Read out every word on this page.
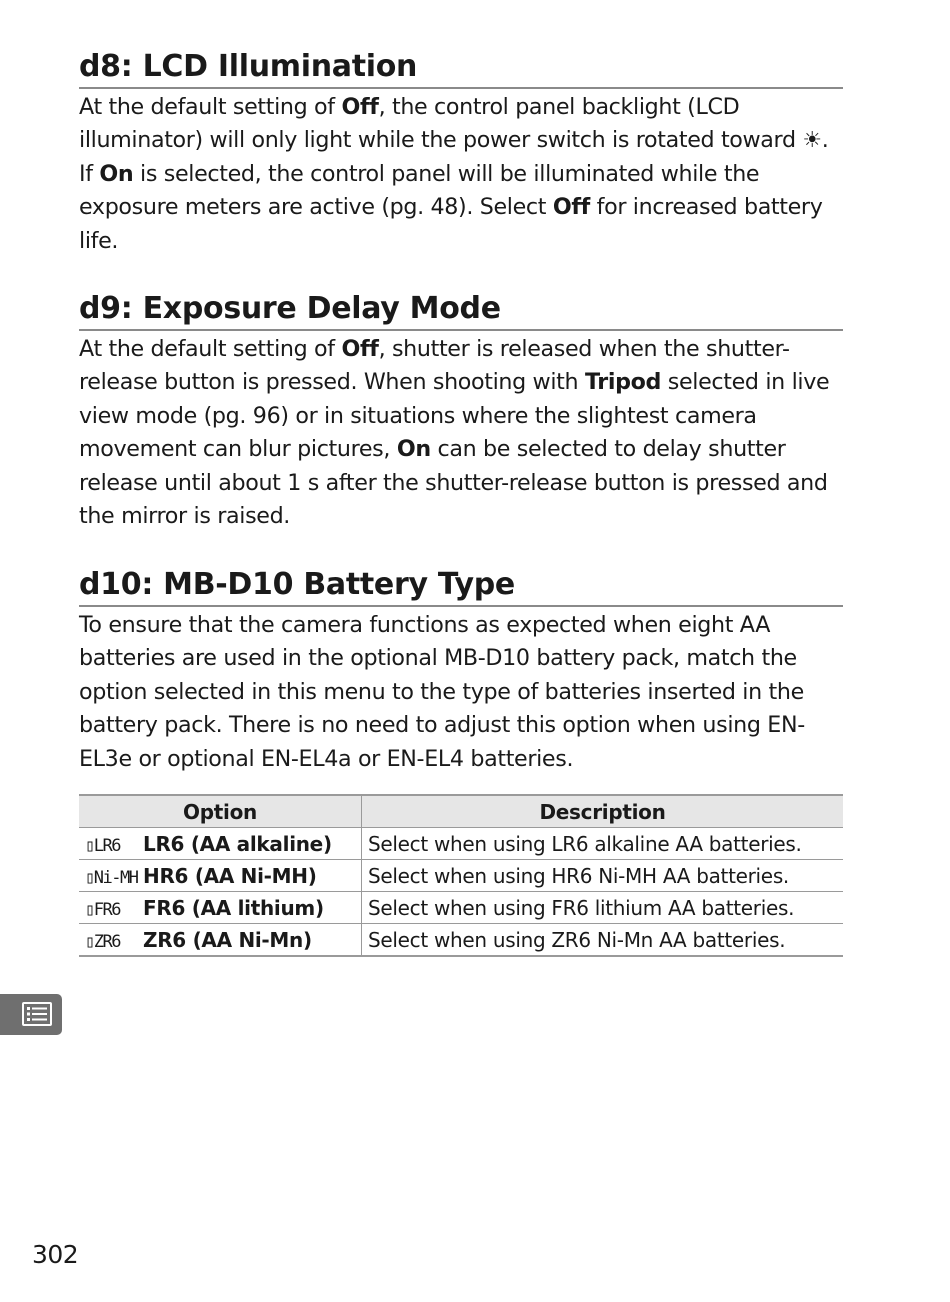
d8: LCD Illumination

At the default setting of Off, the control panel backlight (LCD illuminator) will only light while the power switch is rotated toward ☀. If On is selected, the control panel will be illuminated while the exposure meters are active (pg. 48). Select Off for increased battery life.

d9: Exposure Delay Mode

At the default setting of Off, shutter is released when the shutter-release button is pressed. When shooting with Tripod selected in live view mode (pg. 96) or in situations where the slightest camera movement can blur pictures, On can be selected to delay shutter release until about 1 s after the shutter-release button is pressed and the mirror is raised.

d10: MB-D10 Battery Type

To ensure that the camera functions as expected when eight AA batteries are used in the optional MB-D10 battery pack, match the option selected in this menu to the type of batteries inserted in the battery pack. There is no need to adjust this option when using EN-EL3e or optional EN-EL4a or EN-EL4 batteries.

Option	Description
▯LR6 LR6 (AA alkaline)	Select when using LR6 alkaline AA batteries.
▯Ni-MH HR6 (AA Ni-MH)	Select when using HR6 Ni-MH AA batteries.
▯FR6 FR6 (AA lithium)	Select when using FR6 lithium AA batteries.
▯ZR6 ZR6 (AA Ni-Mn)	Select when using ZR6 Ni-Mn AA batteries.
302
